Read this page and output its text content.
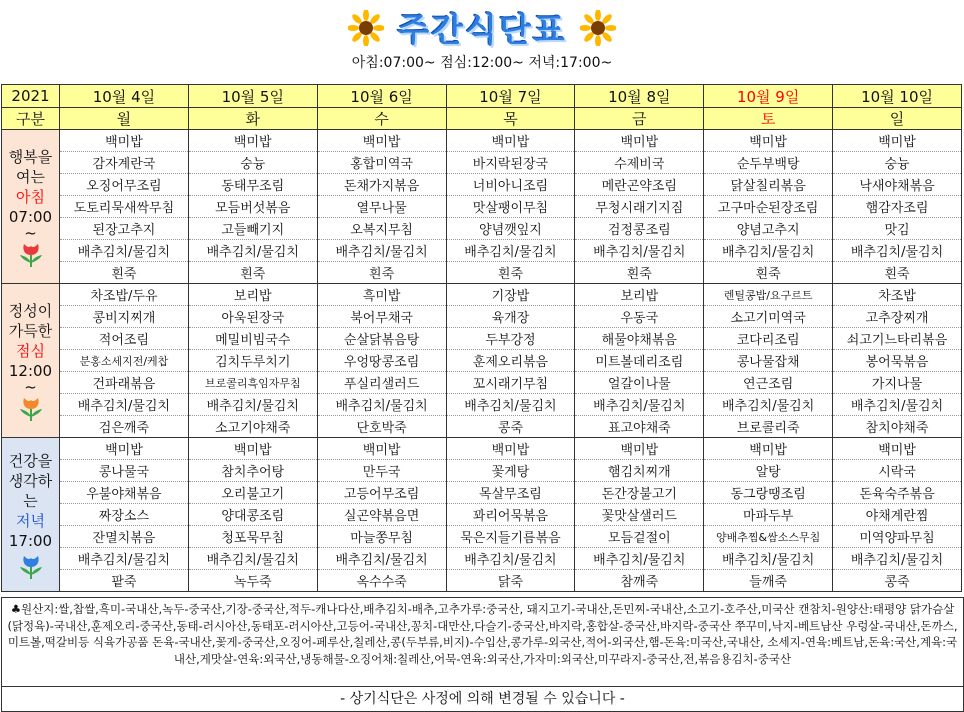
주간식단표
아침:07:00~ 점심:12:00~ 저녁:17:00~
2021	10월 4일	10월 5일	10월 6일	10월 7일	10월 8일	10월 9일	10월 10일
구분	월	화	수	목	금	토	일

행복을
여는
아침
07:00
~	백미밥	백미밥	백미밥	백미밥	백미밥	백미밥	백미밥
	감자계란국	숭늉	홍합미역국	바지락된장국	수제비국	순두부백탕	숭늉
	오징어무조림	동태무조림	돈채가지볶음	너비아니조림	메란곤약조림	닭살칠리볶음	낙새야채볶음
	도토리묵새싹무침	모듬버섯볶음	열무나물	맛살팽이무침	무청시래기지짐	고구마순된장조림	햄감자조림
	된장고추지	고들빼기지	오복지무침	양념깻잎지	검정콩조림	양념고추지	맛김
	배추김치/물김치	배추김치/물김치	배추김치/물김치	배추김치/물김치	배추김치/물김치	배추김치/물김치	배추김치/물김치
	흰죽	흰죽	흰죽	흰죽	흰죽	흰죽	흰죽

정성이
가득한
점심
12:00
~	차조밥/두유	보리밥	흑미밥	기장밥	보리밥	렌틸콩밥/요구르트	차조밥
	콩비지찌개	아욱된장국	북어무채국	육개장	우동국	소고기미역국	고추장찌개
	적어조림	메밀비빔국수	순살닭볶음탕	두부강정	해물야채볶음	코다리조림	쇠고기느타리볶음
	분홍소세지전/케찹	김치두루치기	우엉땅콩조림	훈제오리볶음	미트볼데리조림	콩나물잡채	봉어묵볶음
	건파래볶음	브로콜리흑임자무침	푸실리샐러드	꼬시래기무침	얼갈이나물	연근조림	가지나물
	배추김치/물김치	배추김치/물김치	배추김치/물김치	배추김치/물김치	배추김치/물김치	배추김치/물김치	배추김치/물김치
	검은깨죽	소고기야채죽	단호박죽	콩죽	표고야채죽	브로콜리죽	참치야채죽

건강을
생각하
는
저녁
17:00	백미밥	백미밥	백미밥	백미밥	백미밥	백미밥	백미밥
	콩나물국	참치추어탕	만두국	꽃게탕	햄김치찌개	알탕	시락국
	우불야채볶음	오리불고기	고등어무조림	목살무조림	돈간장불고기	동그랑땡조림	돈육숙주볶음
	짜장소스	양대콩조림	실곤약볶음면	꽈리어묵볶음	꽃맛살샐러드	마파두부	야채계란찜
	잔멸치볶음	청포묵무침	마늘쫑무침	묵은지들기름볶음	모듬겉절이	양배추찜&쌈소스무침	미역양파무침
	배추김치/물김치	배추김치/물김치	배추김치/물김치	배추김치/물김치	배추김치/물김치	배추김치/물김치	배추김치/물김치
	팥죽	녹두죽	옥수수죽	닭죽	참깨죽	들깨죽	콩죽
♣원산지:쌀,찹쌀,흑미-국내산,녹두-중국산,기장-중국산,적두-캐나다산,배추김치-배추,고추가루:중국산, 돼지고기-국내산,돈민찌-국내산,소고기-호주산,미국산 캔참치-원양산:태평양 닭가슴살(닭정육)-국내산,훈제오리-중국산,동태-러시아산,동태포-러시아산,고등어-국내산,꽁치-대만산,다슬기-중국산,바지락,홍합살-중국산,바지락-중국산 쭈꾸미,낙지-베트남산 우렁살-국내산,돈까스,미트볼,떡갈비등 식육가공품 돈육-국내산,꽃게-중국산,오징어-페루산,칠레산,콩(두부류,비지)-수입산,콩가루-외국산,적어-외국산,햄-돈육:미국산,국내산, 소세지-연육:베트남,돈육:국산,계육:국내산,게맛살-연육:외국산,냉동해물-오징어채:칠레산,어묵-연육:외국산,가자미:외국산,미꾸라지-중국산,전,볶음용김치-중국산
- 상기식단은 사정에 의해 변경될 수 있습니다 -
